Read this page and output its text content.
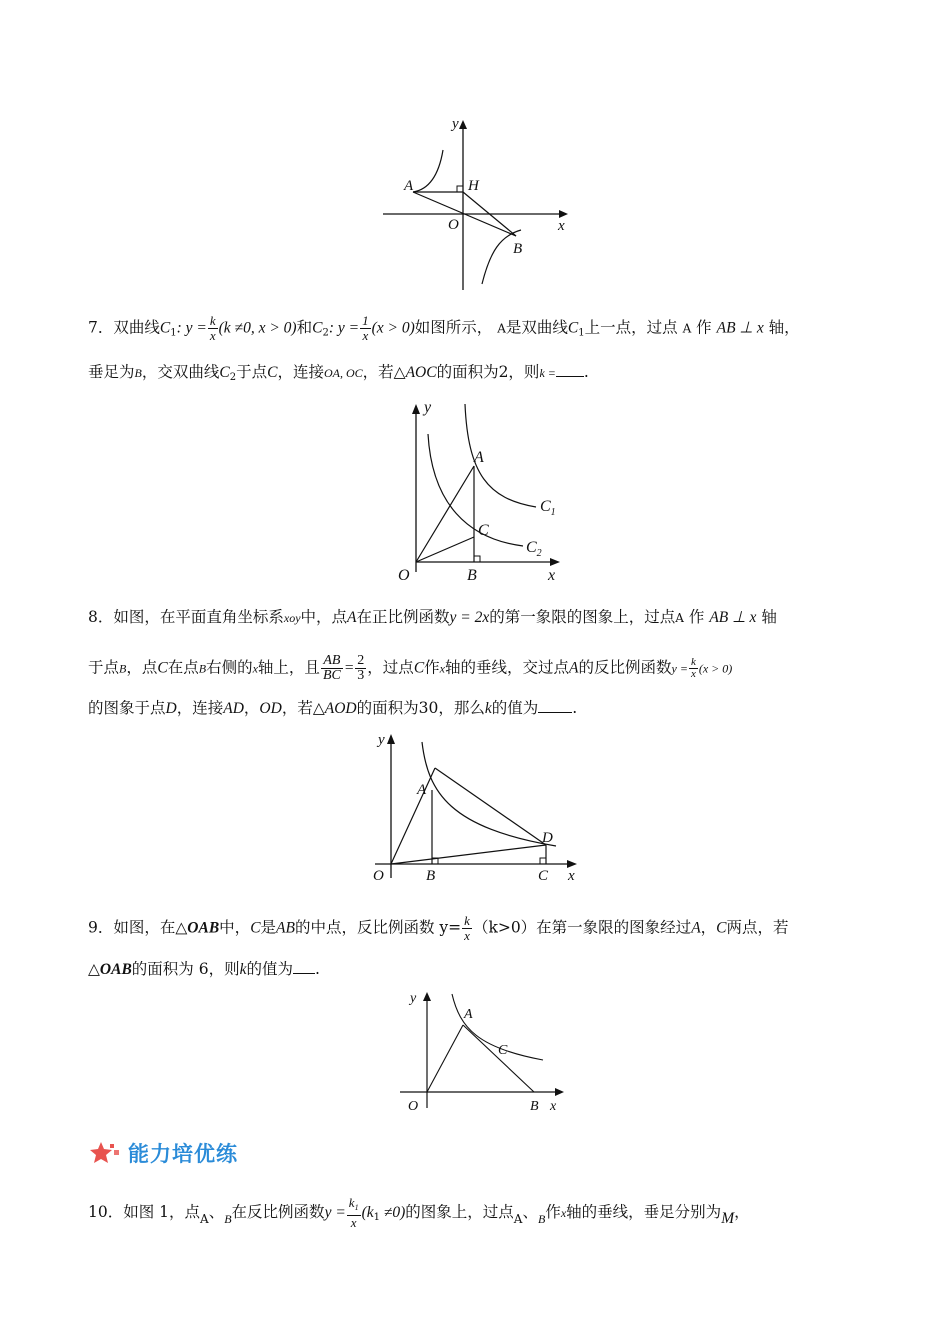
y
x
A	H
O
B
7．双曲线$C_1$: $y = \frac{k}{x} (k \ne 0$, x > 0)和$C_2$: $y = \frac{1}{x} (x > 0)$如图所示， A是双曲线$C_1$上一点，过点 A 作 AB ⊥ x 轴，
垂足为B，交双曲线$C_2$于点C，连接OA, OC，若△AOC的面积为2，则k = .
y
x
A
C
$C_1$
$C_2$
O	B
8．如图，在平面直角坐标系xoy中，点A在正比例函数y = 2x的第一象限的图象上，过点A 作 AB ⊥ x 轴
于点B，点C在点B右侧的x轴上，且 $\frac{AB}{BC} = \frac{2}{3}$ ，过点C作x轴的垂线，交过点A的反比例函数$y = \frac{k}{x} (x > 0)$
的图象于点D，连接AD，OD，若△AOD的面积为30，那么k的值为 .
y
x
A
D
O	B	C
9．如图，在△OAB中，C是AB的中点，反比例函数 $y= \frac{k}{x} (k>0)$在第一象限的图象经过A，C两点，若
△OAB的面积为 6，则k的值为 .
y
x
A
C
O	B
能力培优练
10．如图 1，点$_A$、$_B$在反比例函数$y = \frac{k_1}{x} (k_1 \ne 0)$的图象上，过点$_A$、$_B$作x轴的垂线，垂足分别为M，
